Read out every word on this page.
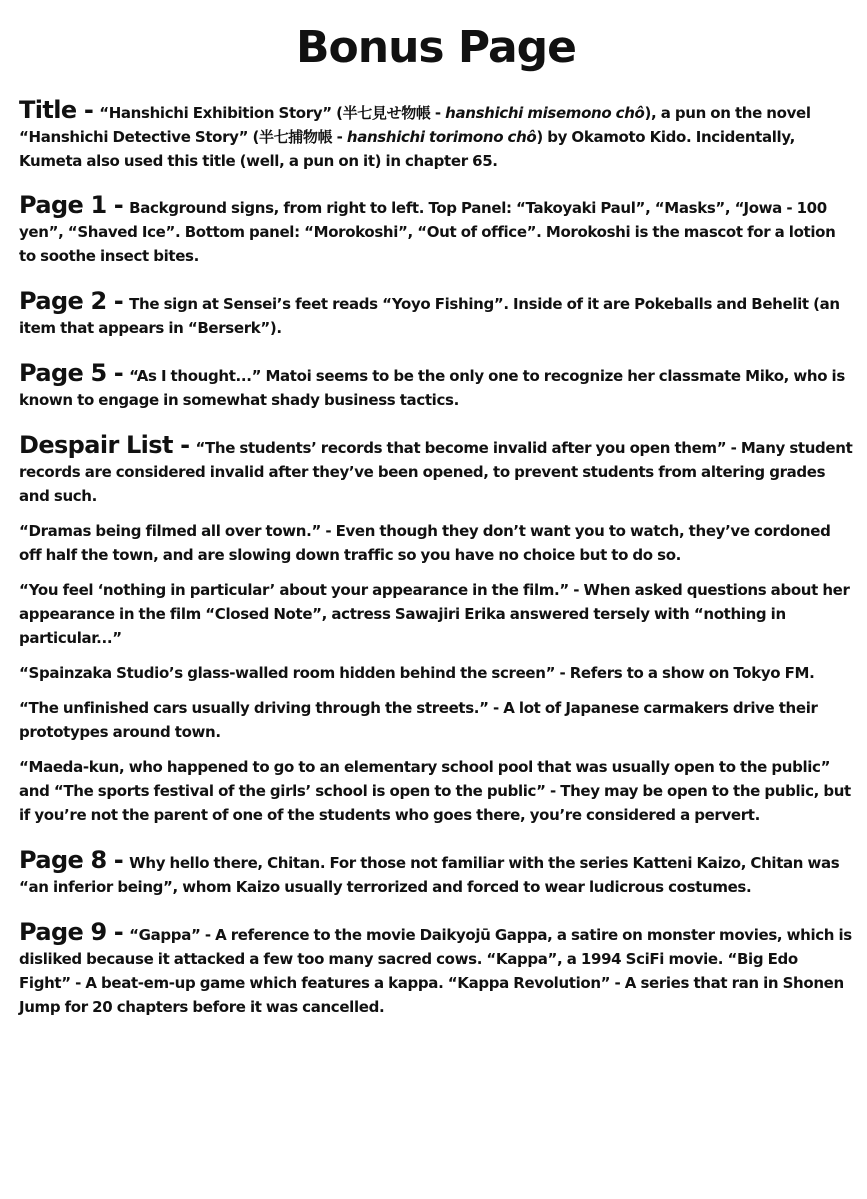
Bonus Page

Title - “Hanshichi Exhibition Story” (半七見せ物帳 - hanshichi misemono chô), a pun on the novel “Hanshichi Detective Story” (半七捕物帳 - hanshichi torimono chô) by Okamoto Kido. Incidentally, Kumeta also used this title (well, a pun on it) in chapter 65.

Page 1 - Background signs, from right to left. Top Panel: “Takoyaki Paul”, “Masks”, “Jowa - 100 yen”, “Shaved Ice”. Bottom panel: “Morokoshi”, “Out of office”. Morokoshi is the mascot for a lotion to soothe insect bites.

Page 2 - The sign at Sensei’s feet reads “Yoyo Fishing”. Inside of it are Pokeballs and Behelit (an item that appears in “Berserk”).

Page 5 - “As I thought...” Matoi seems to be the only one to recognize her classmate Miko, who is known to engage in somewhat shady business tactics.

Despair List - “The students’ records that become invalid after you open them” - Many student records are considered invalid after they’ve been opened, to prevent students from altering grades and such.

“Dramas being filmed all over town.” - Even though they don’t want you to watch, they’ve cordoned off half the town, and are slowing down traffic so you have no choice but to do so.

“You feel ‘nothing in particular’ about your appearance in the film.” - When asked questions about her appearance in the film “Closed Note”, actress Sawajiri Erika answered tersely with “nothing in particular...”

“Spainzaka Studio’s glass-walled room hidden behind the screen” - Refers to a show on Tokyo FM.

“The unfinished cars usually driving through the streets.” - A lot of Japanese carmakers drive their prototypes around town.

“Maeda-kun, who happened to go to an elementary school pool that was usually open to the public” and “The sports festival of the girls’ school is open to the public” - They may be open to the public, but if you’re not the parent of one of the students who goes there, you’re considered a pervert.

Page 8 - Why hello there, Chitan. For those not familiar with the series Katteni Kaizo, Chitan was “an inferior being”, whom Kaizo usually terrorized and forced to wear ludicrous costumes.

Page 9 - “Gappa” - A reference to the movie Daikyojū Gappa, a satire on monster movies, which is disliked because it attacked a few too many sacred cows. “Kappa”, a 1994 SciFi movie. “Big Edo Fight” - A beat-em-up game which features a kappa. “Kappa Revolution” - A series that ran in Shonen Jump for 20 chapters before it was cancelled.
